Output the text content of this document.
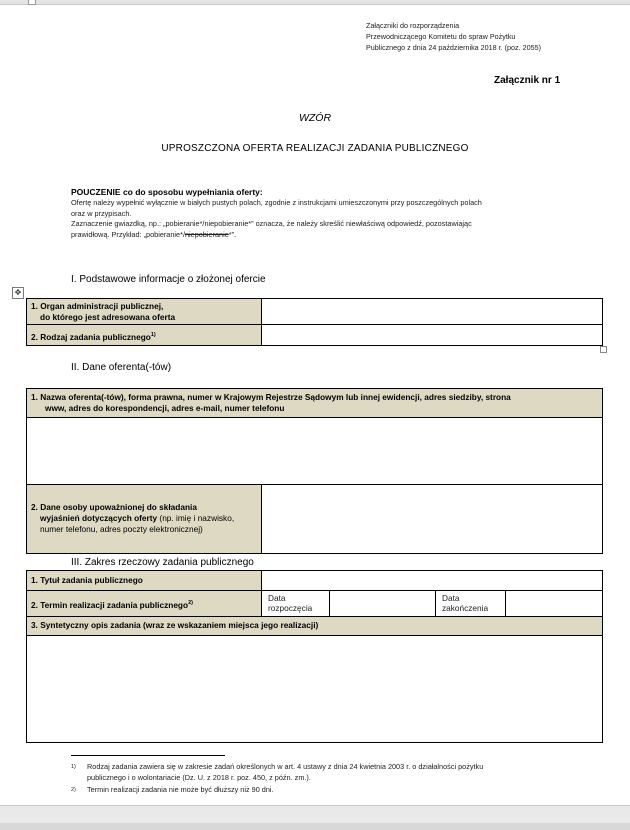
Załączniki do rozporządzenia
Przewodniczącego Komitetu do spraw Pożytku
Publicznego z dnia 24 października 2018 r. (poz. 2055)
Załącznik nr 1
WZÓR
UPROSZCZONA OFERTA REALIZACJI ZADANIA PUBLICZNEGO
POUCZENIE co do sposobu wypełniania oferty:
Ofertę należy wypełnić wyłącznie w białych pustych polach, zgodnie z instrukcjami umieszczonymi przy poszczególnych polach
oraz w przypisach.
Zaznaczenie gwiazdką, np.: „pobieranie*/niepobieranie*” oznacza, że należy skreślić niewłaściwą odpowiedź, pozostawiając
prawidłową. Przykład: „pobieranie*/niepobieranie*”.
I. Podstawowe informacje o złożonej ofercie
✥
1. Organ administracji publicznej,
do którego jest adresowana oferta
2. Rodzaj zadania publicznego$^{1)}$
II. Dane oferenta(-tów)
1. Nazwa oferenta(-tów), forma prawna, numer w Krajowym Rejestrze Sądowym lub innej ewidencji, adres siedziby, strona
www, adres do korespondencji, adres e-mail, numer telefonu
2. Dane osoby upoważnionej do składania
wyjaśnień dotyczących oferty (np. imię i nazwisko,
numer telefonu, adres poczty elektronicznej)
III. Zakres rzeczowy zadania publicznego
1. Tytuł zadania publicznego
2. Termin realizacji zadania publicznego$^{2)}$	Data
rozpoczęcia
Data
zakończenia
3. Syntetyczny opis zadania (wraz ze wskazaniem miejsca jego realizacji)
1) Rodzaj zadania zawiera się w zakresie zadań określonych w art. 4 ustawy z dnia 24 kwietnia 2003 r. o działalności pożytku
publicznego i o wolontariacie (Dz. U. z 2018 r. poz. 450, z późn. zm.).
2) Termin realizacji zadania nie może być dłuższy niż 90 dni.
